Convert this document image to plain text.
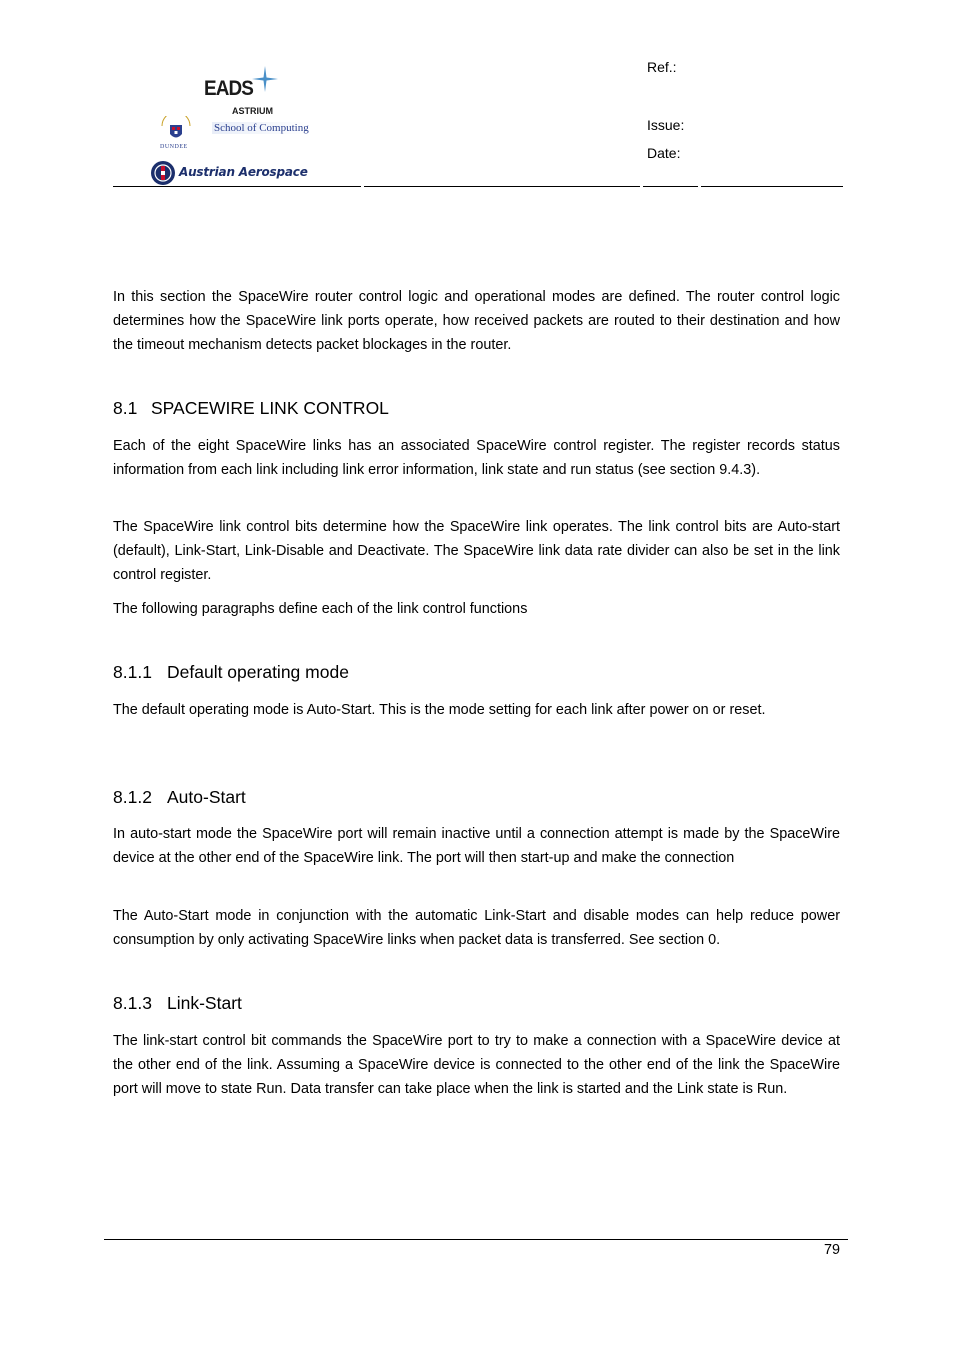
EADS
ASTRIUM
School of Computing
DUNDEE
Austrian Aerospace
Ref.:
Issue:
Date:

In this section the SpaceWire router control logic and operational modes are defined. The router control logic determines how the SpaceWire link ports operate, how received packets are routed to their destination and how the timeout mechanism detects packet blockages in the router.

8.1 SPACEWIRE LINK CONTROL

Each of the eight SpaceWire links has an associated SpaceWire control register. The register records status information from each link including link error information, link state and run status (see section 9.4.3).

The SpaceWire link control bits determine how the SpaceWire link operates. The link control bits are Auto-start (default), Link-Start, Link-Disable and Deactivate. The SpaceWire link data rate divider can also be set in the link control register.

The following paragraphs define each of the link control functions

8.1.1 Default operating mode

The default operating mode is Auto-Start. This is the mode setting for each link after power on or reset.

8.1.2 Auto-Start

In auto-start mode the SpaceWire port will remain inactive until a connection attempt is made by the SpaceWire device at the other end of the SpaceWire link. The port will then start-up and make the connection

The Auto-Start mode in conjunction with the automatic Link-Start and disable modes can help reduce power consumption by only activating SpaceWire links when packet data is transferred. See section 0.

8.1.3 Link-Start

The link-start control bit commands the SpaceWire port to try to make a connection with a SpaceWire device at the other end of the link. Assuming a SpaceWire device is connected to the other end of the link the SpaceWire port will move to state Run. Data transfer can take place when the link is started and the Link state is Run.

79
